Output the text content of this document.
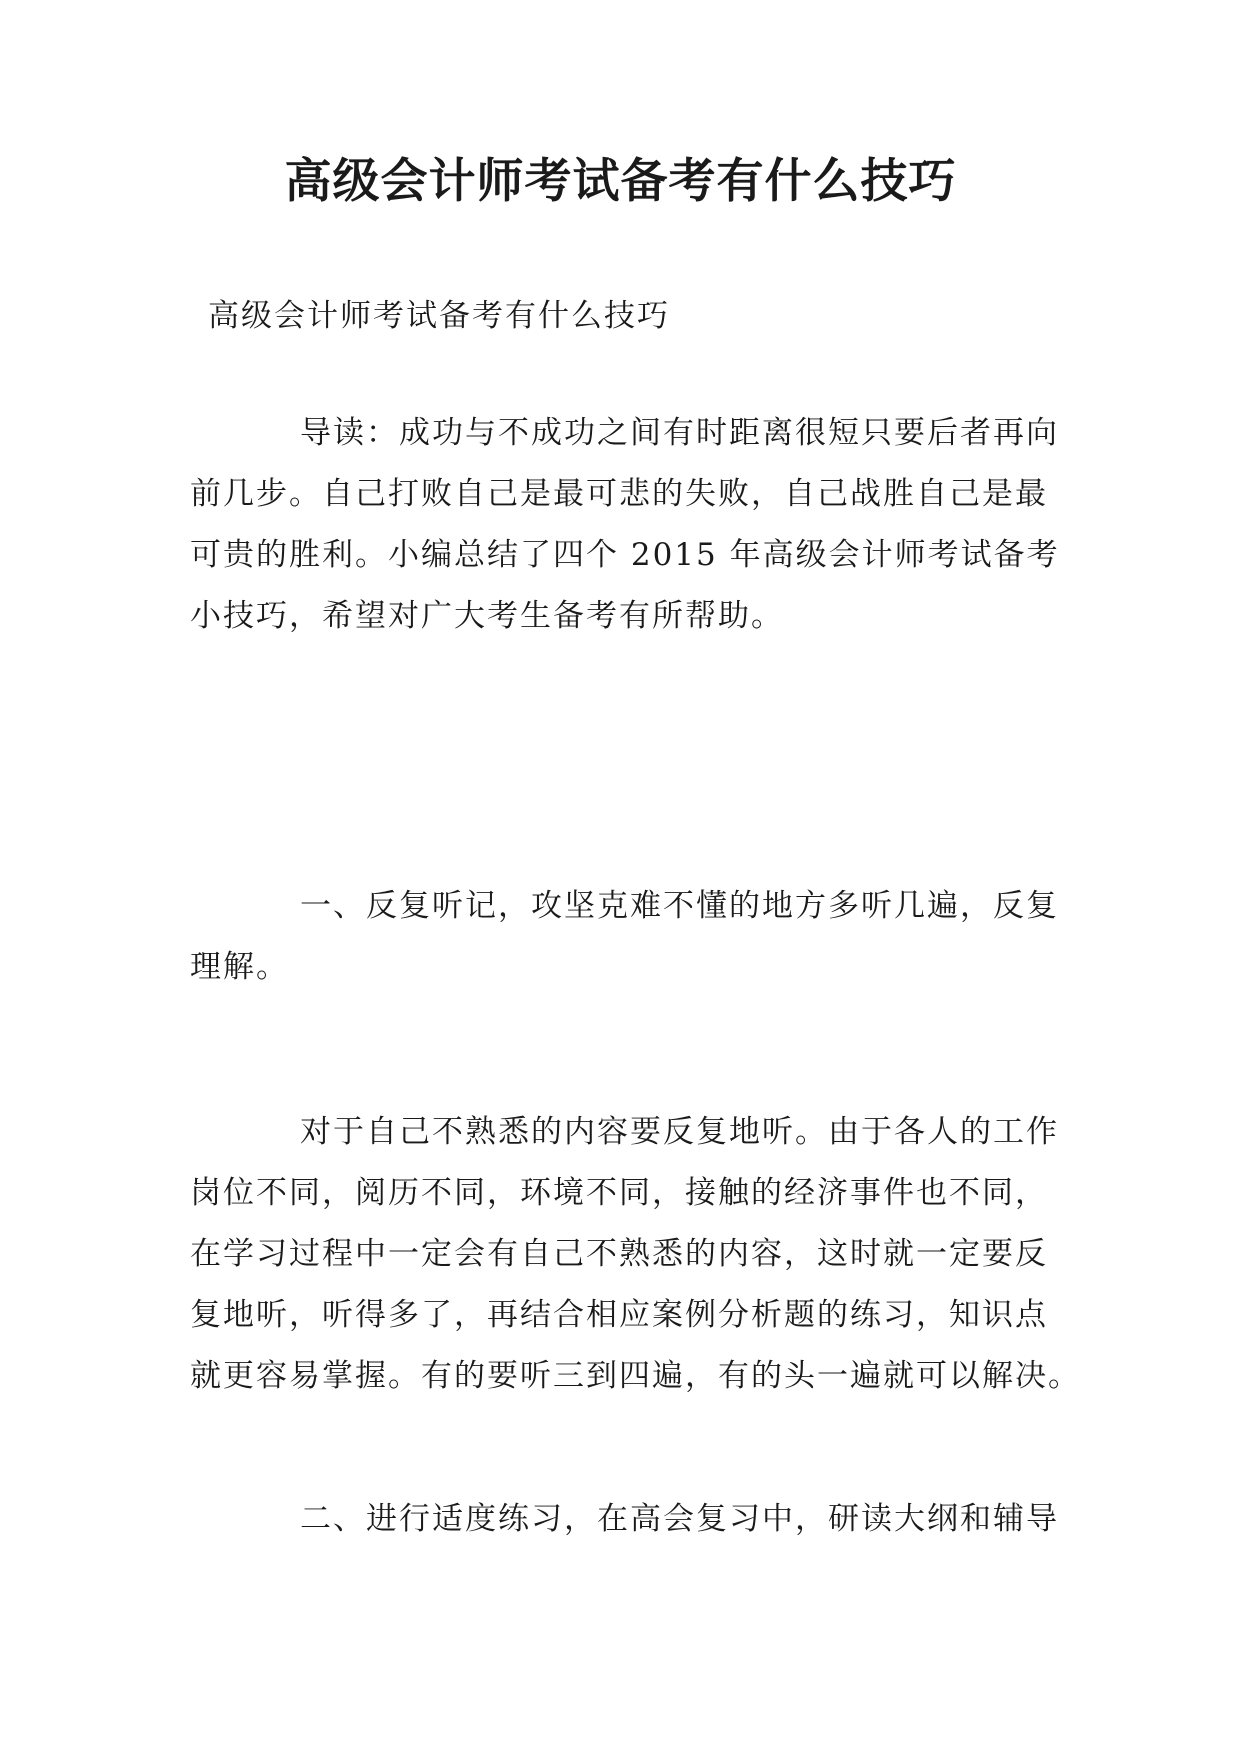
高级会计师考试备考有什么技巧

高级会计师考试备考有什么技巧

导读：成功与不成功之间有时距离很短只要后者再向
前几步。自己打败自己是最可悲的失败，自己战胜自己是最
可贵的胜利。小编总结了四个 2015 年高级会计师考试备考
小技巧，希望对广大考生备考有所帮助。
一、反复听记，攻坚克难不懂的地方多听几遍，反复
理解。
对于自己不熟悉的内容要反复地听。由于各人的工作
岗位不同，阅历不同，环境不同，接触的经济事件也不同，
在学习过程中一定会有自己不熟悉的内容，这时就一定要反
复地听，听得多了，再结合相应案例分析题的练习，知识点
就更容易掌握。有的要听三到四遍，有的头一遍就可以解决。
二、进行适度练习，在高会复习中，研读大纲和辅导
